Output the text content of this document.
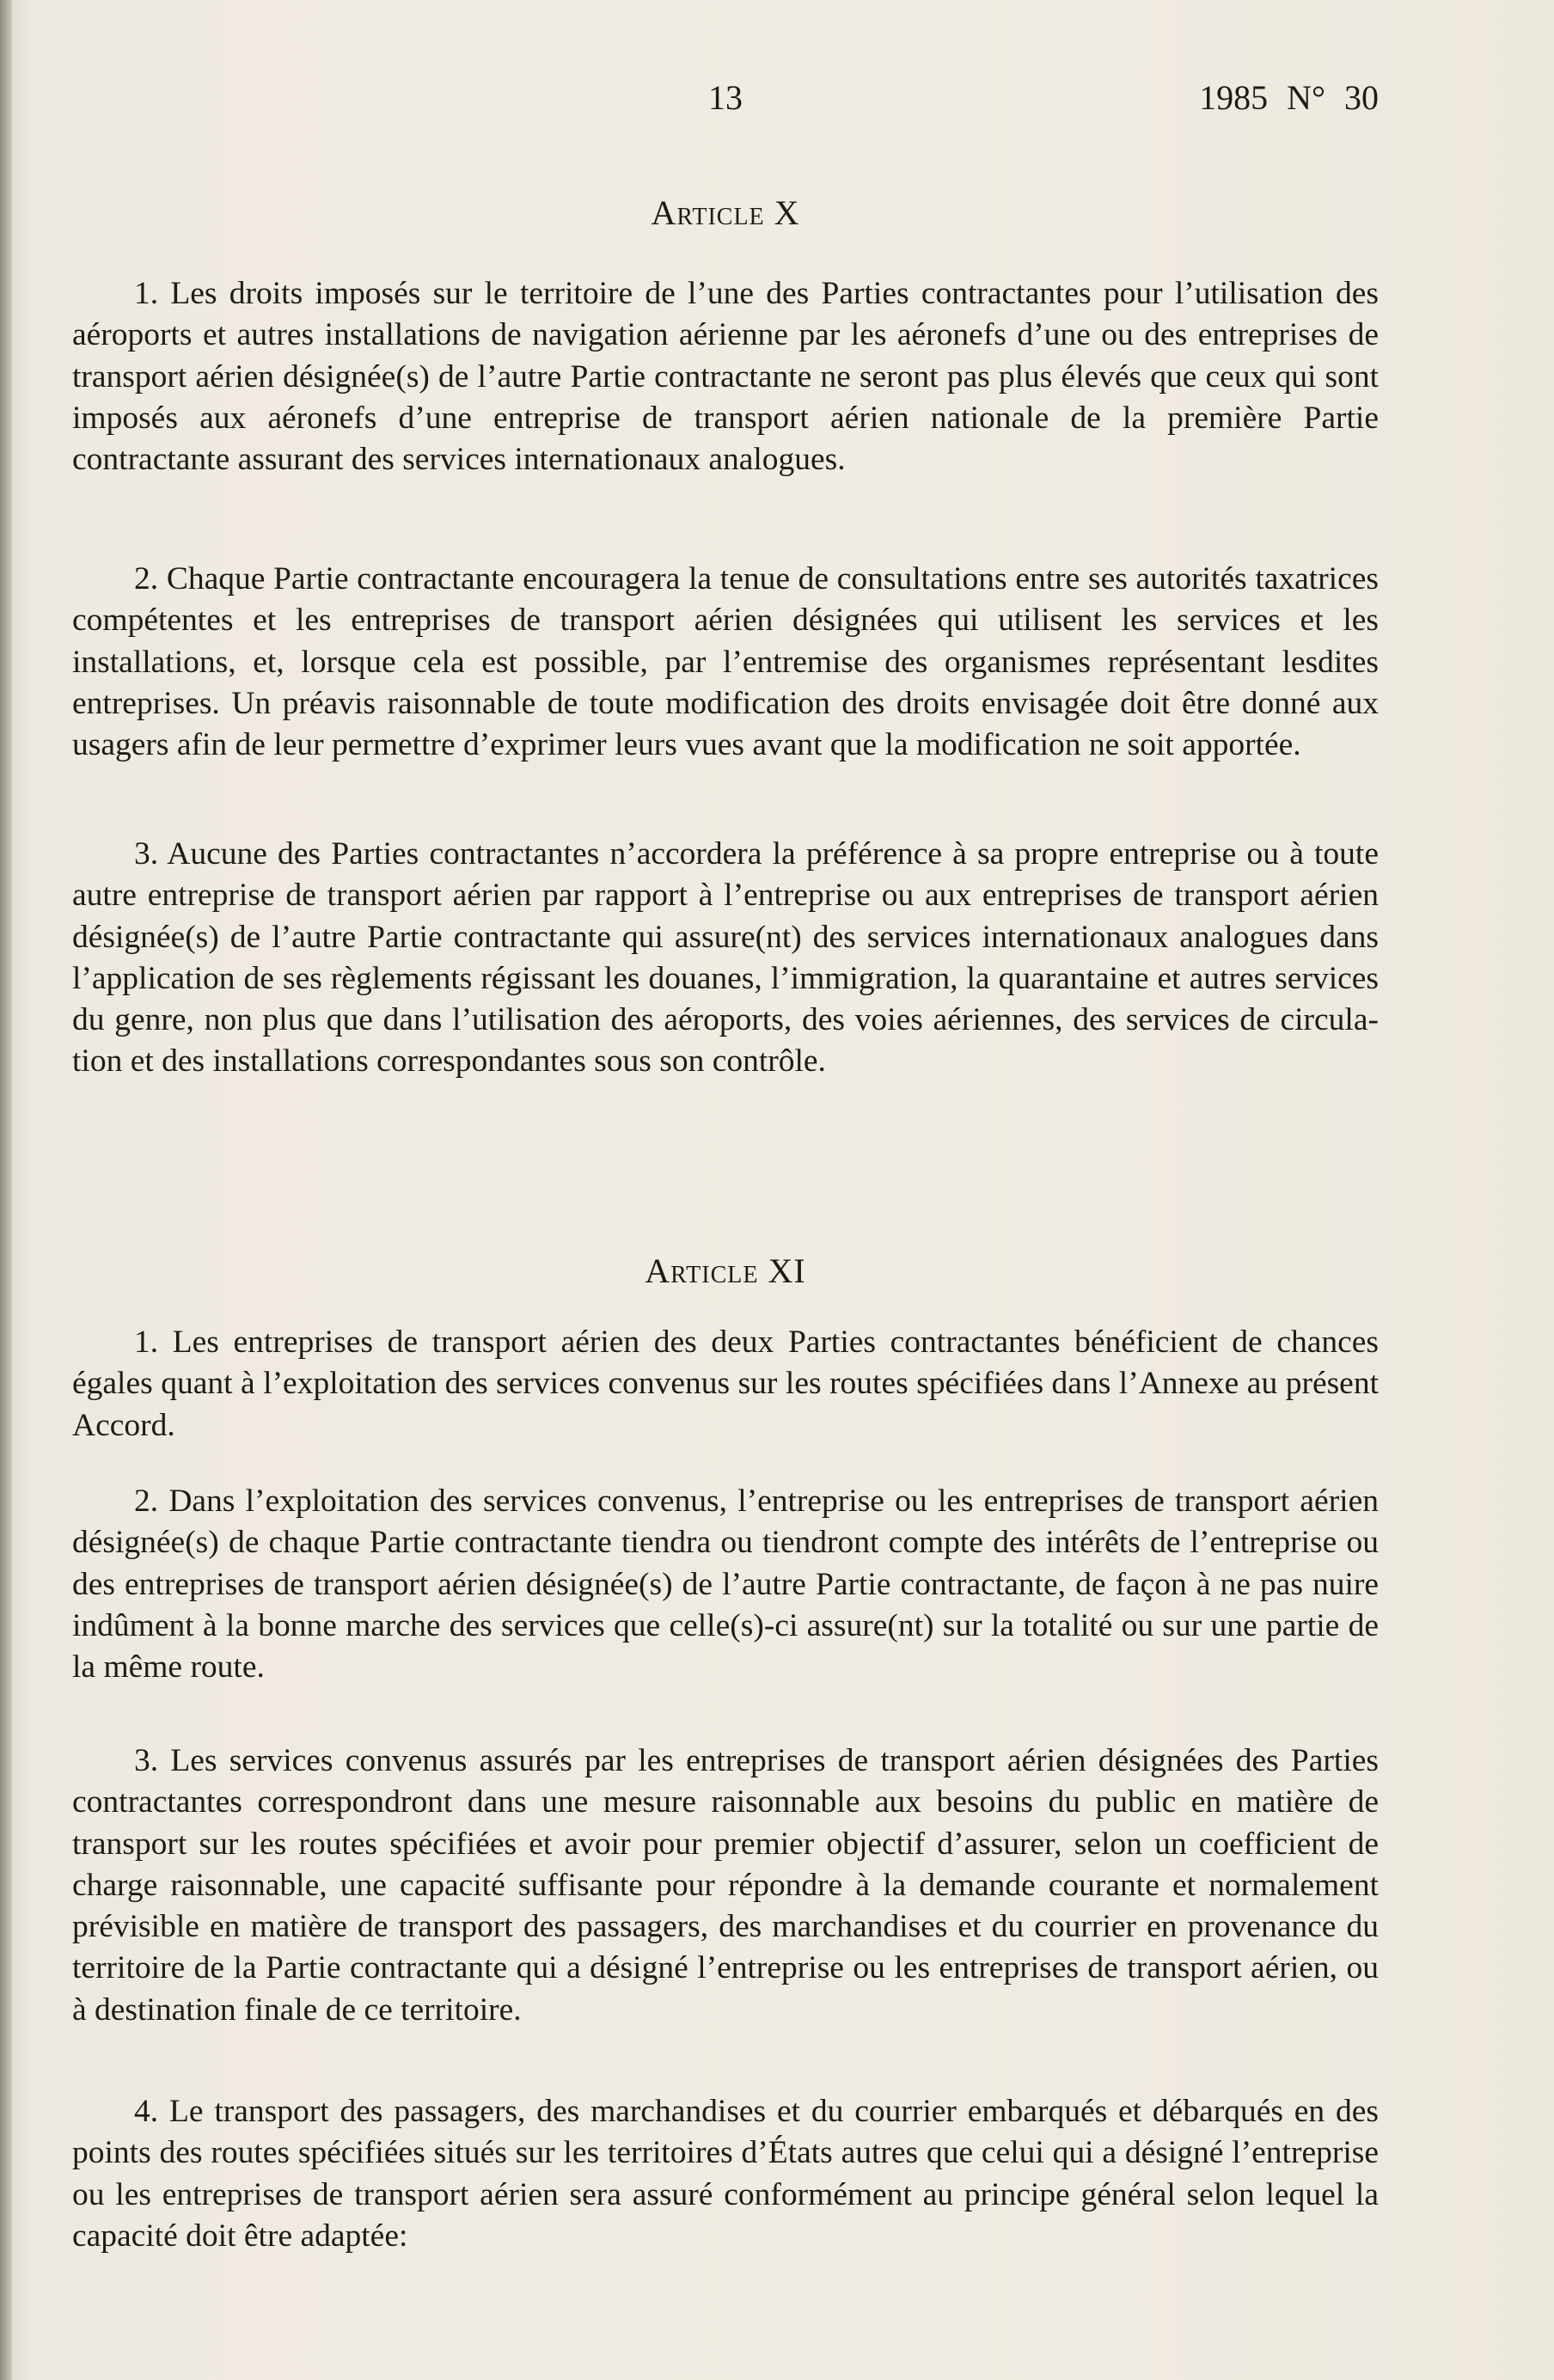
13	1985 N° 30
Article X

1. Les droits imposés sur le territoire de l’une des Parties contractantes pour l’utilisation des aéroports et autres installations de navigation aérienne par les aéronefs d’une ou des entreprises de transport aérien désignée(s) de l’autre Partie contractante ne seront pas plus élevés que ceux qui sont imposés aux aéronefs d’une entreprise de transport aérien nationale de la première Partie contractante assurant des services internationaux analogues.

2. Chaque Partie contractante encouragera la tenue de consultations entre ses autorités taxatrices compétentes et les entreprises de transport aérien désignées qui utilisent les services et les installations, et, lorsque cela est possible, par l’entremise des organismes représentant lesdites entreprises. Un préavis raisonnable de toute modification des droits envisagée doit être donné aux usagers afin de leur permettre d’exprimer leurs vues avant que la modification ne soit apportée.

3. Aucune des Parties contractantes n’accordera la préférence à sa propre entreprise ou à toute autre entreprise de transport aérien par rapport à l’entreprise ou aux entreprises de transport aérien désignée(s) de l’autre Partie contractante qui assure(nt) des services internationaux analogues dans l’application de ses règlements régissant les douanes, l’immigration, la quarantaine et autres services du genre, non plus que dans l’utilisation des aéroports, des voies aériennes, des services de circulation et des installations correspondantes sous son contrôle.

Article XI

1. Les entreprises de transport aérien des deux Parties contractantes bénéficient de chances égales quant à l’exploitation des services convenus sur les routes spécifiées dans l’Annexe au présent Accord.

2. Dans l’exploitation des services convenus, l’entreprise ou les entreprises de transport aérien désignée(s) de chaque Partie contractante tiendra ou tiendront compte des intérêts de l’entreprise ou des entreprises de transport aérien désignée(s) de l’autre Partie contractante, de façon à ne pas nuire indûment à la bonne marche des services que celle(s)-ci assure(nt) sur la totalité ou sur une partie de la même route.

3. Les services convenus assurés par les entreprises de transport aérien désignées des Parties contractantes correspondront dans une mesure raisonnable aux besoins du public en matière de transport sur les routes spécifiées et avoir pour premier objectif d’assurer, selon un coefficient de charge raisonnable, une capacité suffisante pour répondre à la demande courante et normalement prévisible en matière de transport des passagers, des marchandises et du courrier en provenance du territoire de la Partie contractante qui a désigné l’entreprise ou les entreprises de transport aérien, ou à destination finale de ce territoire.

4. Le transport des passagers, des marchandises et du courrier embarqués et débarqués en des points des routes spécifiées situés sur les territoires d’États autres que celui qui a désigné l’entreprise ou les entreprises de transport aérien sera assuré conformément au principe général selon lequel la capacité doit être adaptée:
